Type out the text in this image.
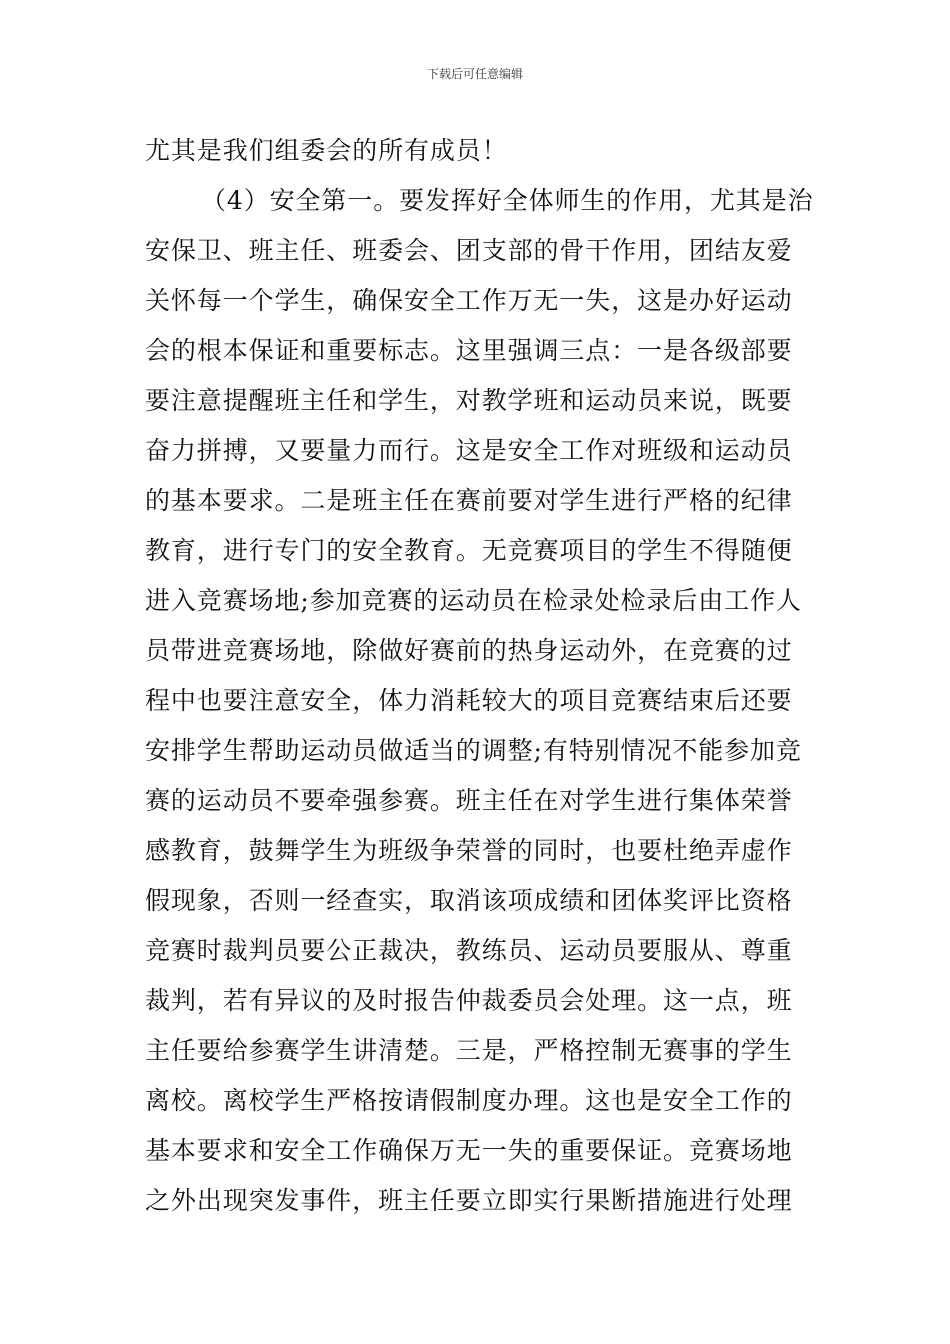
下载后可任意编辑
尤其是我们组委会的所有成员！
（4）安全第一。要发挥好全体师生的作用，尤其是治
安保卫、班主任、班委会、团支部的骨干作用，团结友爱
关怀每一个学生，确保安全工作万无一失，这是办好运动
会的根本保证和重要标志。这里强调三点：一是各级部要
要注意提醒班主任和学生，对教学班和运动员来说，既要
奋力拼搏，又要量力而行。这是安全工作对班级和运动员
的基本要求。二是班主任在赛前要对学生进行严格的纪律
教育，进行专门的安全教育。无竞赛项目的学生不得随便
进入竞赛场地;参加竞赛的运动员在检录处检录后由工作人
员带进竞赛场地，除做好赛前的热身运动外，在竞赛的过
程中也要注意安全，体力消耗较大的项目竞赛结束后还要
安排学生帮助运动员做适当的调整;有特别情况不能参加竞
赛的运动员不要牵强参赛。班主任在对学生进行集体荣誉
感教育，鼓舞学生为班级争荣誉的同时，也要杜绝弄虚作
假现象，否则一经查实，取消该项成绩和团体奖评比资格
竞赛时裁判员要公正裁决，教练员、运动员要服从、尊重
裁判，若有异议的及时报告仲裁委员会处理。这一点，班
主任要给参赛学生讲清楚。三是，严格控制无赛事的学生
离校。离校学生严格按请假制度办理。这也是安全工作的
基本要求和安全工作确保万无一失的重要保证。竞赛场地
之外出现突发事件，班主任要立即实行果断措施进行处理
